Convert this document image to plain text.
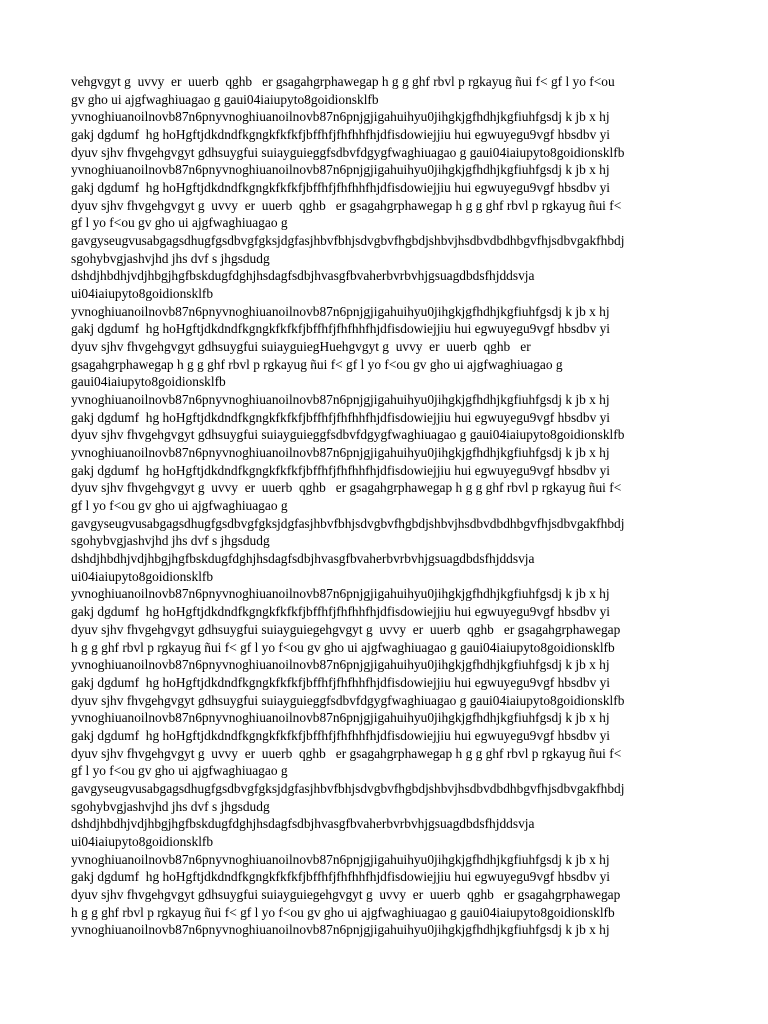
vehgvgyt g  uvvy  er  uuerb  qghb   er gsagahgrphawegap h g g ghf rbvl p rgkayug ñui f< gf l yo f<ou
gv gho ui ajgfwaghiuagao g gaui04iaiupyto8goidionsklfb
yvnoghiuanoilnovb87n6pnyvnoghiuanoilnovb87n6pnjgjigahuihyu0jihgkjgfhdhjkgfiuhfgsdj k jb x hj
gakj dgdumf  hg hoHgftjdkdndfkgngkfkfkfjbffhfjfhfhhfhjdfisdowiejjiu hui egwuyegu9vgf hbsdbv yi
dyuv sjhv fhvgehgvgyt gdhsuygfui suiayguieggfsdbvfdgygfwaghiuagao g gaui04iaiupyto8goidionsklfb
yvnoghiuanoilnovb87n6pnyvnoghiuanoilnovb87n6pnjgjigahuihyu0jihgkjgfhdhjkgfiuhfgsdj k jb x hj
gakj dgdumf  hg hoHgftjdkdndfkgngkfkfkfjbffhfjfhfhhfhjdfisdowiejjiu hui egwuyegu9vgf hbsdbv yi
dyuv sjhv fhvgehgvgyt g  uvvy  er  uuerb  qghb   er gsagahgrphawegap h g g ghf rbvl p rgkayug ñui f<
gf l yo f<ou gv gho ui ajgfwaghiuagao g
gavgyseugvusabgagsdhugfgsdbvgfgksjdgfasjhbvfbhjsdvgbvfhgbdjshbvjhsdbvdbdhbgvfhjsdbvgakfhbdj
sgohybvgjashvjhd jhs dvf s jhgsdudg
dshdjhbdhjvdjhbgjhgfbskdugfdghjhsdagfsdbjhvasgfbvaherbvrbvhjgsuagdbdsfhjddsvja
ui04iaiupyto8goidionsklfb
yvnoghiuanoilnovb87n6pnyvnoghiuanoilnovb87n6pnjgjigahuihyu0jihgkjgfhdhjkgfiuhfgsdj k jb x hj
gakj dgdumf  hg hoHgftjdkdndfkgngkfkfkfjbffhfjfhfhhfhjdfisdowiejjiu hui egwuyegu9vgf hbsdbv yi
dyuv sjhv fhvgehgvgyt gdhsuygfui suiayguiegHuehgvgyt g  uvvy  er  uuerb  qghb   er
gsagahgrphawegap h g g ghf rbvl p rgkayug ñui f< gf l yo f<ou gv gho ui ajgfwaghiuagao g
gaui04iaiupyto8goidionsklfb
yvnoghiuanoilnovb87n6pnyvnoghiuanoilnovb87n6pnjgjigahuihyu0jihgkjgfhdhjkgfiuhfgsdj k jb x hj
gakj dgdumf  hg hoHgftjdkdndfkgngkfkfkfjbffhfjfhfhhfhjdfisdowiejjiu hui egwuyegu9vgf hbsdbv yi
dyuv sjhv fhvgehgvgyt gdhsuygfui suiayguieggfsdbvfdgygfwaghiuagao g gaui04iaiupyto8goidionsklfb
yvnoghiuanoilnovb87n6pnyvnoghiuanoilnovb87n6pnjgjigahuihyu0jihgkjgfhdhjkgfiuhfgsdj k jb x hj
gakj dgdumf  hg hoHgftjdkdndfkgngkfkfkfjbffhfjfhfhhfhjdfisdowiejjiu hui egwuyegu9vgf hbsdbv yi
dyuv sjhv fhvgehgvgyt g  uvvy  er  uuerb  qghb   er gsagahgrphawegap h g g ghf rbvl p rgkayug ñui f<
gf l yo f<ou gv gho ui ajgfwaghiuagao g
gavgyseugvusabgagsdhugfgsdbvgfgksjdgfasjhbvfbhjsdvgbvfhgbdjshbvjhsdbvdbdhbgvfhjsdbvgakfhbdj
sgohybvgjashvjhd jhs dvf s jhgsdudg
dshdjhbdhjvdjhbgjhgfbskdugfdghjhsdagfsdbjhvasgfbvaherbvrbvhjgsuagdbdsfhjddsvja
ui04iaiupyto8goidionsklfb
yvnoghiuanoilnovb87n6pnyvnoghiuanoilnovb87n6pnjgjigahuihyu0jihgkjgfhdhjkgfiuhfgsdj k jb x hj
gakj dgdumf  hg hoHgftjdkdndfkgngkfkfkfjbffhfjfhfhhfhjdfisdowiejjiu hui egwuyegu9vgf hbsdbv yi
dyuv sjhv fhvgehgvgyt gdhsuygfui suiayguiegehgvgyt g  uvvy  er  uuerb  qghb   er gsagahgrphawegap
h g g ghf rbvl p rgkayug ñui f< gf l yo f<ou gv gho ui ajgfwaghiuagao g gaui04iaiupyto8goidionsklfb
yvnoghiuanoilnovb87n6pnyvnoghiuanoilnovb87n6pnjgjigahuihyu0jihgkjgfhdhjkgfiuhfgsdj k jb x hj
gakj dgdumf  hg hoHgftjdkdndfkgngkfkfkfjbffhfjfhfhhfhjdfisdowiejjiu hui egwuyegu9vgf hbsdbv yi
dyuv sjhv fhvgehgvgyt gdhsuygfui suiayguieggfsdbvfdgygfwaghiuagao g gaui04iaiupyto8goidionsklfb
yvnoghiuanoilnovb87n6pnyvnoghiuanoilnovb87n6pnjgjigahuihyu0jihgkjgfhdhjkgfiuhfgsdj k jb x hj
gakj dgdumf  hg hoHgftjdkdndfkgngkfkfkfjbffhfjfhfhhfhjdfisdowiejjiu hui egwuyegu9vgf hbsdbv yi
dyuv sjhv fhvgehgvgyt g  uvvy  er  uuerb  qghb   er gsagahgrphawegap h g g ghf rbvl p rgkayug ñui f<
gf l yo f<ou gv gho ui ajgfwaghiuagao g
gavgyseugvusabgagsdhugfgsdbvgfgksjdgfasjhbvfbhjsdvgbvfhgbdjshbvjhsdbvdbdhbgvfhjsdbvgakfhbdj
sgohybvgjashvjhd jhs dvf s jhgsdudg
dshdjhbdhjvdjhbgjhgfbskdugfdghjhsdagfsdbjhvasgfbvaherbvrbvhjgsuagdbdsfhjddsvja
ui04iaiupyto8goidionsklfb
yvnoghiuanoilnovb87n6pnyvnoghiuanoilnovb87n6pnjgjigahuihyu0jihgkjgfhdhjkgfiuhfgsdj k jb x hj
gakj dgdumf  hg hoHgftjdkdndfkgngkfkfkfjbffhfjfhfhhfhjdfisdowiejjiu hui egwuyegu9vgf hbsdbv yi
dyuv sjhv fhvgehgvgyt gdhsuygfui suiayguiegehgvgyt g  uvvy  er  uuerb  qghb   er gsagahgrphawegap
h g g ghf rbvl p rgkayug ñui f< gf l yo f<ou gv gho ui ajgfwaghiuagao g gaui04iaiupyto8goidionsklfb
yvnoghiuanoilnovb87n6pnyvnoghiuanoilnovb87n6pnjgjigahuihyu0jihgkjgfhdhjkgfiuhfgsdj k jb x hj
